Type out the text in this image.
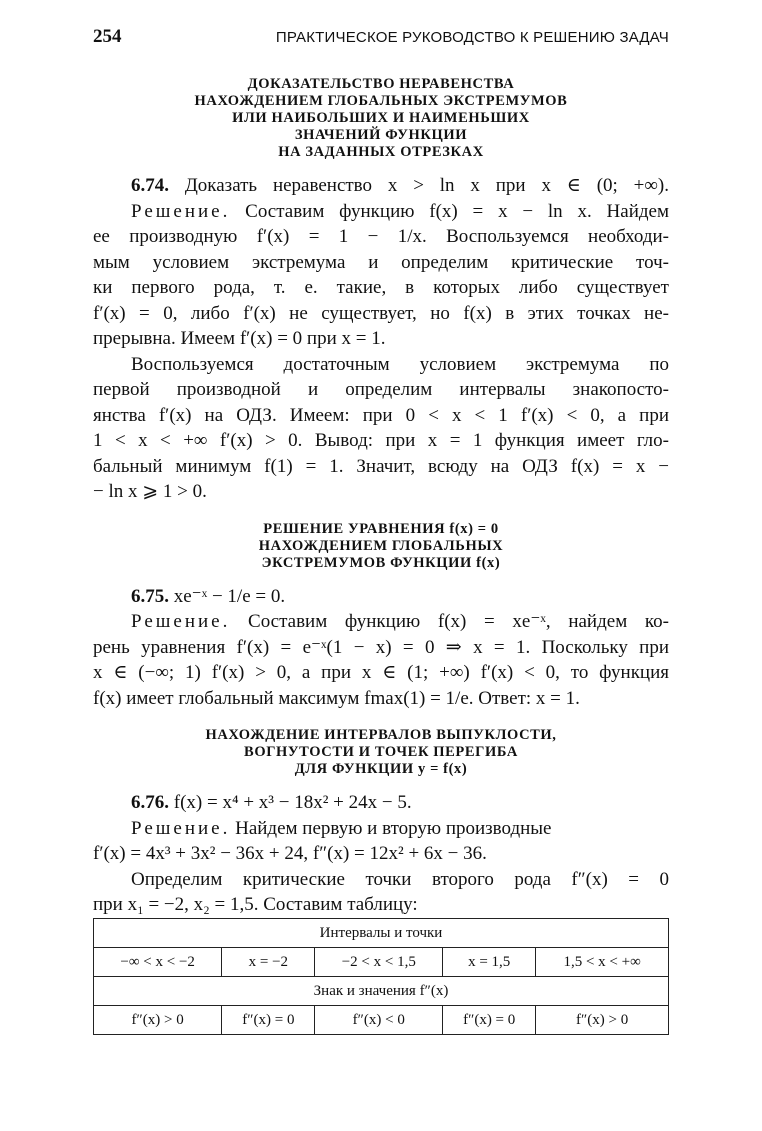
254	ПРАКТИЧЕСКОЕ РУКОВОДСТВО К РЕШЕНИЮ ЗАДАЧ
ДОКАЗАТЕЛЬСТВО НЕРАВЕНСТВА
НАХОЖДЕНИЕМ ГЛОБАЛЬНЫХ ЭКСТРЕМУМОВ
ИЛИ НАИБОЛЬШИХ И НАИМЕНЬШИХ
ЗНАЧЕНИЙ ФУНКЦИИ
НА ЗАДАННЫХ ОТРЕЗКАХ

  6.74. Доказать неравенство x > ln x при x ∈ (0; +∞).
  Решение. Составим функцию f(x) = x − ln x. Найдем
ее производную f′(x) = 1 − 1/x. Воспользуемся необходи-
мым условием экстремума и определим критические точ-
ки первого рода, т. е. такие, в которых либо существует
f′(x) = 0, либо f′(x) не существует, но f(x) в этих точках не-
прерывна. Имеем f′(x) = 0 при x = 1.

  Воспользуемся достаточным условием экстремума по
первой производной и определим интервалы знакопосто-
янства f′(x) на ОДЗ. Имеем: при 0 < x < 1 f′(x) < 0, а при
1 < x < +∞ f′(x) > 0. Вывод: при x = 1 функция имеет гло-
бальный минимум f(1) = 1. Значит, всюду на ОДЗ f(x) = x −
− ln x ⩾ 1 > 0.

РЕШЕНИЕ УРАВНЕНИЯ f(x) = 0
НАХОЖДЕНИЕМ ГЛОБАЛЬНЫХ
ЭКСТРЕМУМОВ ФУНКЦИИ f(x)

  6.75. xe⁻ˣ − 1/e = 0.
  Решение. Составим функцию f(x) = xe⁻ˣ, найдем ко-
рень уравнения f′(x) = e⁻ˣ(1 − x) = 0 ⇒ x = 1. Поскольку при
x ∈ (−∞; 1) f′(x) > 0, а при x ∈ (1; +∞) f′(x) < 0, то функция
f(x) имеет глобальный максимум fmax(1) = 1/e. Ответ: x = 1.

НАХОЖДЕНИЕ ИНТЕРВАЛОВ ВЫПУКЛОСТИ,
ВОГНУТОСТИ И ТОЧЕК ПЕРЕГИБА
ДЛЯ ФУНКЦИИ y = f(x)

  6.76. f(x) = x⁴ + x³ − 18x² + 24x − 5.
  Решение. Найдем первую и вторую производные
f′(x) = 4x³ + 3x² − 36x + 24, f″(x) = 12x² + 6x − 36.

  Определим критические точки второго рода f″(x) = 0
при x₁ = −2, x₂ = 1,5. Составим таблицу:

Интервалы и точки				
−∞ < x < −2	x = −2	−2 < x < 1,5	x = 1,5	1,5 < x < +∞
Знак и значения f″(x)				
f″(x) > 0	f″(x) = 0	f″(x) < 0	f″(x) = 0	f″(x) > 0
